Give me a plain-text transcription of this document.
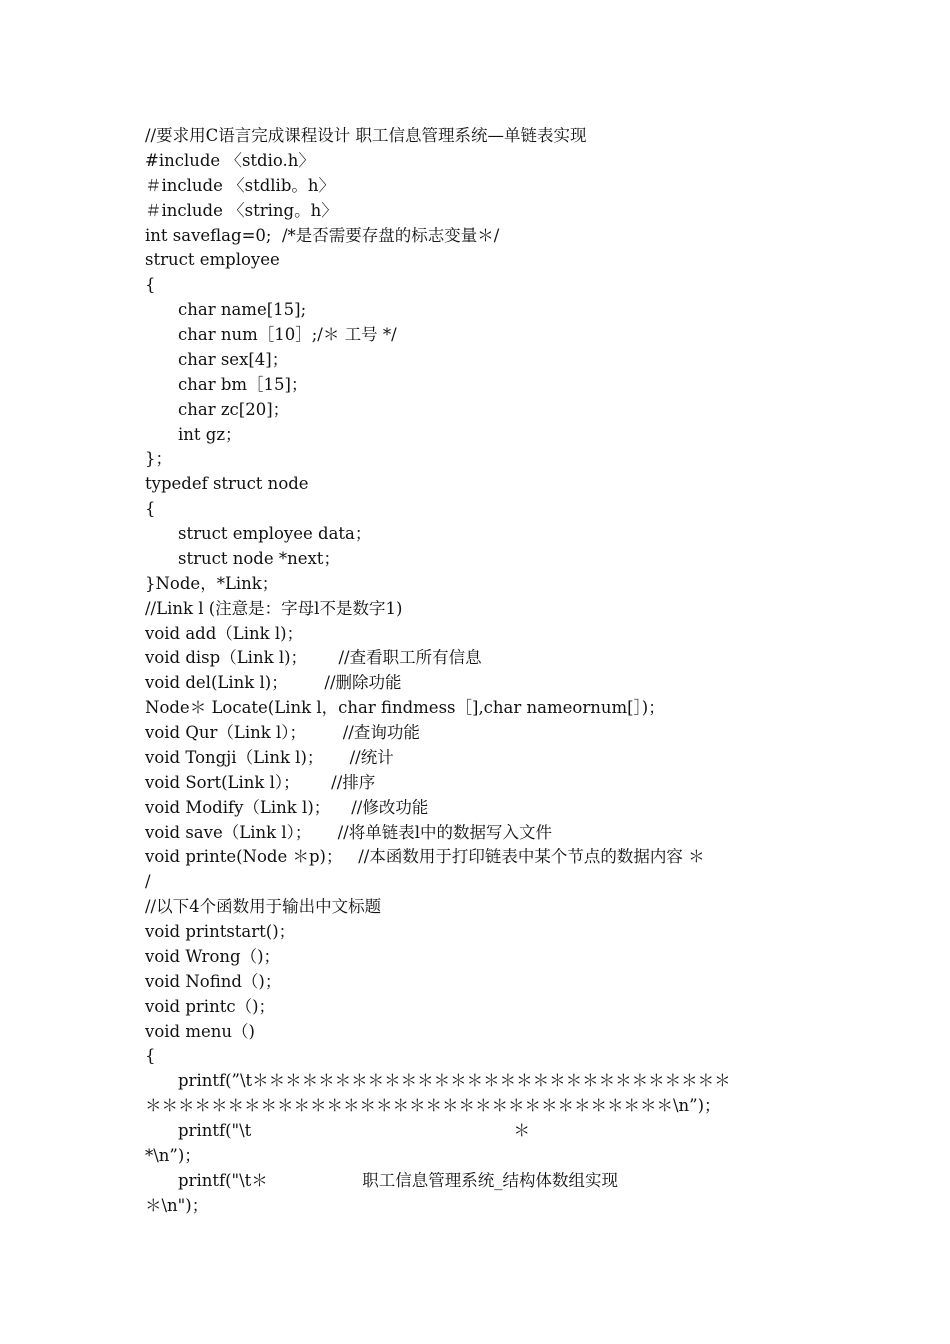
//要求用C语言完成课程设计 职工信息管理系统—单链表实现
#include 〈stdio.h〉
＃include 〈stdlib。h〉
＃include 〈string。h〉
int saveflag=0;  /*是否需要存盘的标志变量＊/
struct employee
{
char name[15];
char num［10］;/＊ 工号 */
char sex[4]；
char bm［15]；
char zc[20]；
int gz；
}；
typedef struct node
{
struct employee data；
struct node *next；
}Node，*Link；
//Link l (注意是：字母l不是数字1)
void add（Link l)；
void disp（Link l)；      //查看职工所有信息
void del(Link l)；       //删除功能
Node＊ Locate(Link l，char findmess［],char nameornum[］)；
void Qur（Link l）；       //查询功能
void Tongji（Link l)；     //统计
void Sort(Link l）；      //排序
void Modify（Link l)；    //修改功能
void save（Link l）；     //将单链表l中的数据写入文件
void printe(Node ＊p)；   //本函数用于打印链表中某个节点的数据内容 ＊
/
//以下4个函数用于输出中文标题
void printstart()；
void Wrong（)；
void Nofind（)；
void printc（)；
void menu（)
{
printf(”\t＊＊＊＊＊＊＊＊＊＊＊＊＊＊＊＊＊＊＊＊＊＊＊＊＊＊＊＊＊
＊＊＊＊＊＊＊＊＊＊＊＊＊＊＊＊＊＊＊＊＊＊＊＊＊＊＊＊＊＊＊＊\n”)；
printf("\t                                                  ＊
*\n”)；
printf("\t＊                  职工信息管理系统_结构体数组实现
＊\n")；
